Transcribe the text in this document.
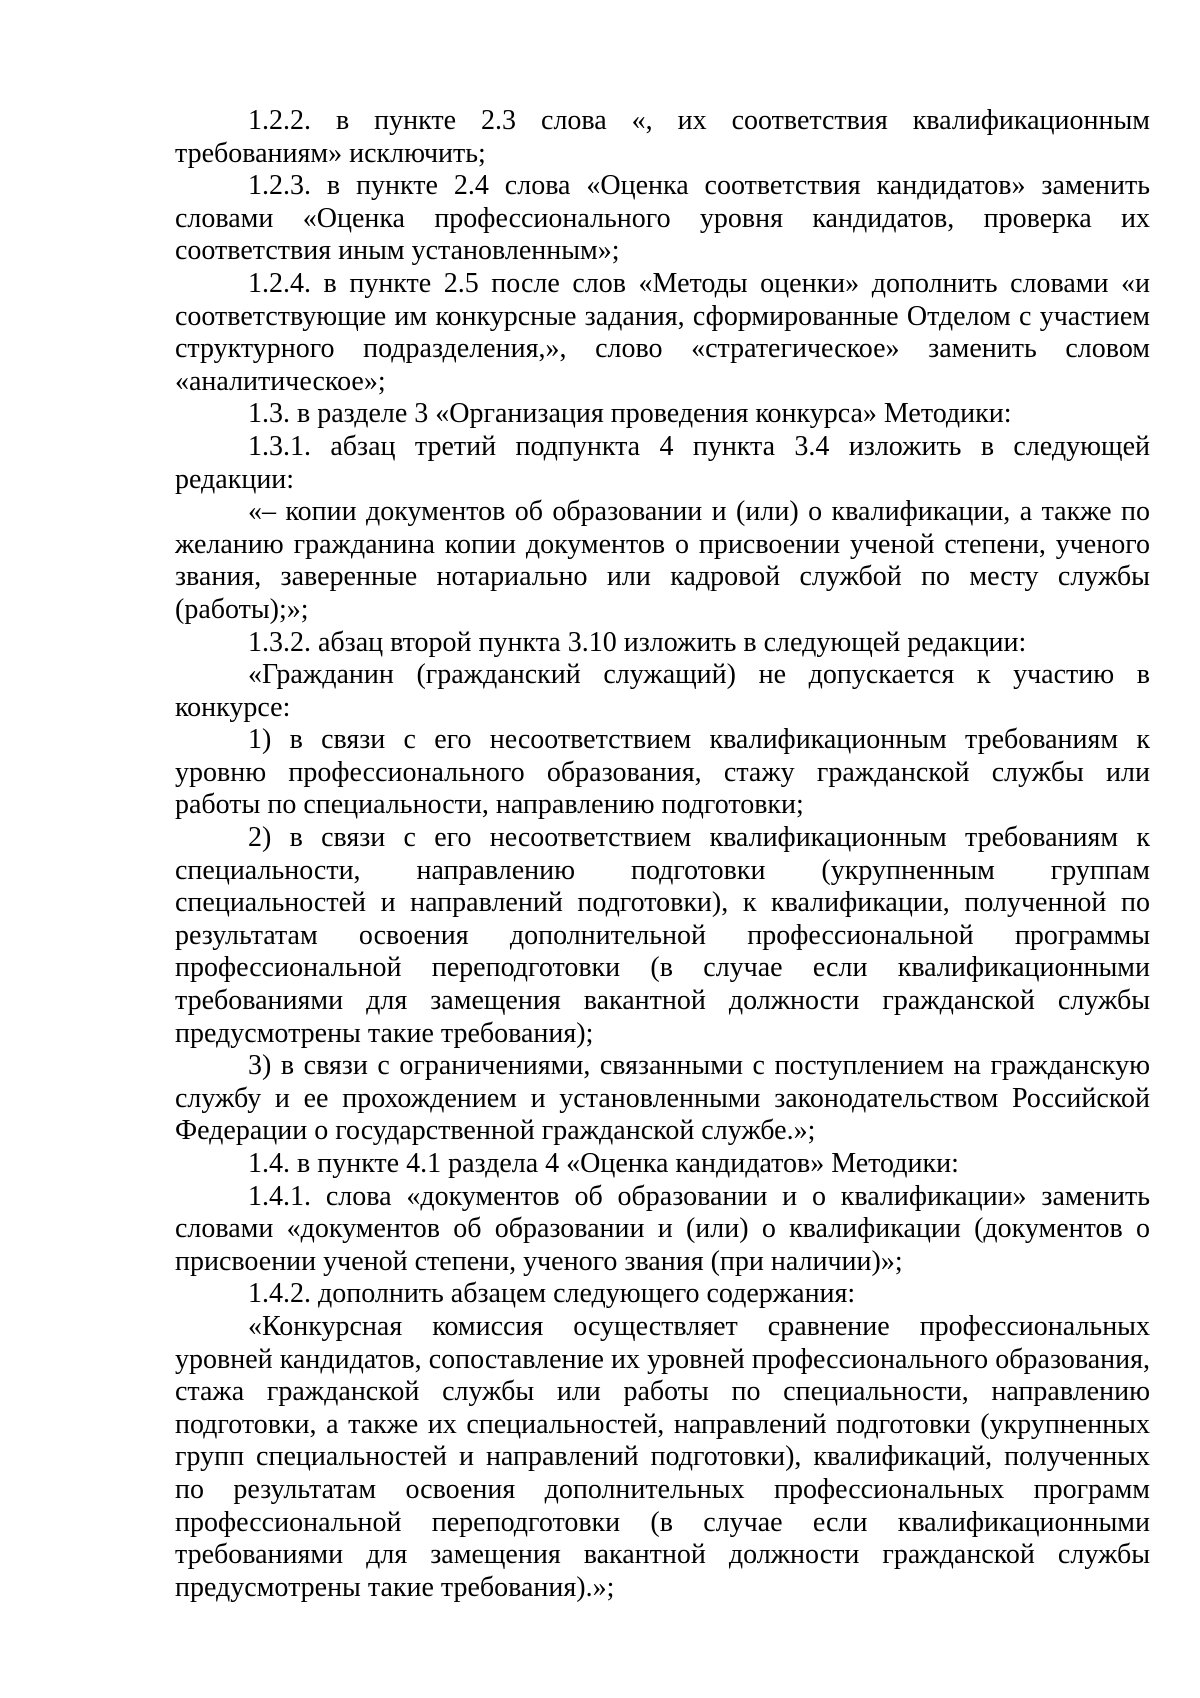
1.2.2. в пункте 2.3 слова «, их соответствия квалификационным требованиям» исключить;

1.2.3. в пункте 2.4 слова «Оценка соответствия кандидатов» заменить словами «Оценка профессионального уровня кандидатов, проверка их соответствия иным установленным»;

1.2.4. в пункте 2.5 после слов «Методы оценки» дополнить словами «и соответствующие им конкурсные задания, сформированные Отделом с участием структурного подразделения,», слово «стратегическое» заменить словом «аналитическое»;

1.3. в разделе 3 «Организация проведения конкурса» Методики:

1.3.1. абзац третий подпункта 4 пункта 3.4 изложить в следующей редакции:

«– копии документов об образовании и (или) о квалификации, а также по желанию гражданина копии документов о присвоении ученой степени, ученого звания, заверенные нотариально или кадровой службой по месту службы (работы);»;

1.3.2. абзац второй пункта 3.10 изложить в следующей редакции:

«Гражданин (гражданский служащий) не допускается к участию в конкурсе:

1) в связи с его несоответствием квалификационным требованиям к уровню профессионального образования, стажу гражданской службы или работы по специальности, направлению подготовки;

2) в связи с его несоответствием квалификационным требованиям к специальности, направлению подготовки (укрупненным группам специальностей и направлений подготовки), к квалификации, полученной по результатам освоения дополнительной профессиональной программы профессиональной переподготовки (в случае если квалификационными требованиями для замещения вакантной должности гражданской службы предусмотрены такие требования);

3) в связи с ограничениями, связанными с поступлением на гражданскую службу и ее прохождением и установленными законодательством Российской Федерации о государственной гражданской службе.»;

1.4. в пункте 4.1 раздела 4 «Оценка кандидатов» Методики:

1.4.1. слова «документов об образовании и о квалификации» заменить словами «документов об образовании и (или) о квалификации (документов о присвоении ученой степени, ученого звания (при наличии)»;

1.4.2. дополнить абзацем следующего содержания:

«Конкурсная комиссия осуществляет сравнение профессиональных уровней кандидатов, сопоставление их уровней профессионального образования, стажа гражданской службы или работы по специальности, направлению подготовки, а также их специальностей, направлений подготовки (укрупненных групп специальностей и направлений подготовки), квалификаций, полученных по результатам освоения дополнительных профессиональных программ профессиональной переподготовки (в случае если квалификационными требованиями для замещения вакантной должности гражданской службы предусмотрены такие требования).»;
